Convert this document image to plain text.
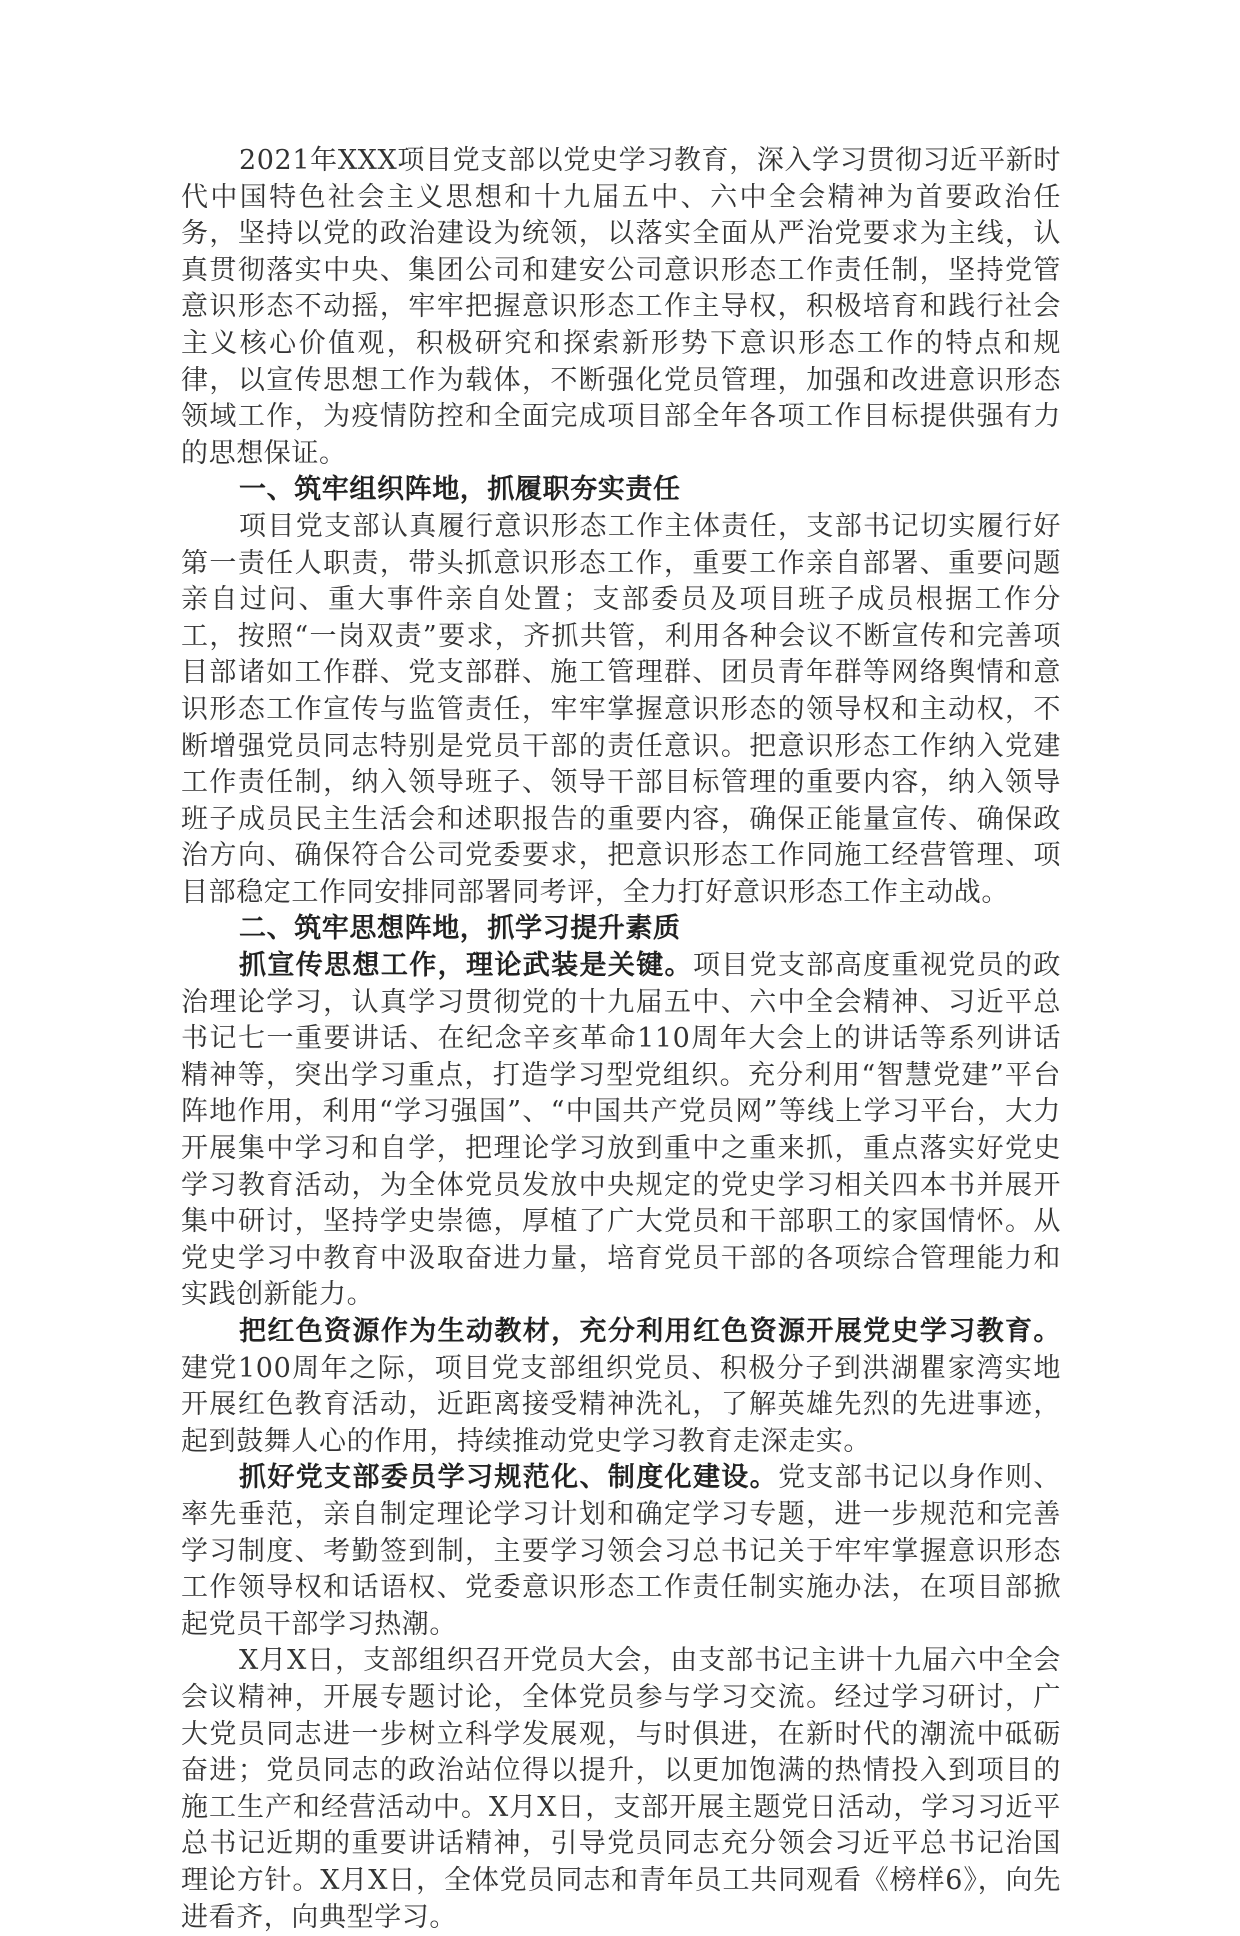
2021年XXX项目党支部以党史学习教育，深入学习贯彻习近平新时代中国特色社会主义思想和十九届五中、六中全会精神为首要政治任务，坚持以党的政治建设为统领，以落实全面从严治党要求为主线，认真贯彻落实中央、集团公司和建安公司意识形态工作责任制，坚持党管意识形态不动摇，牢牢把握意识形态工作主导权，积极培育和践行社会主义核心价值观，积极研究和探索新形势下意识形态工作的特点和规律，以宣传思想工作为载体，不断强化党员管理，加强和改进意识形态领域工作，为疫情防控和全面完成项目部全年各项工作目标提供强有力的思想保证。

一、筑牢组织阵地，抓履职夯实责任

项目党支部认真履行意识形态工作主体责任，支部书记切实履行好第一责任人职责，带头抓意识形态工作，重要工作亲自部署、重要问题亲自过问、重大事件亲自处置；支部委员及项目班子成员根据工作分工，按照“一岗双责”要求，齐抓共管，利用各种会议不断宣传和完善项目部诸如工作群、党支部群、施工管理群、团员青年群等网络舆情和意识形态工作宣传与监管责任，牢牢掌握意识形态的领导权和主动权，不断增强党员同志特别是党员干部的责任意识。把意识形态工作纳入党建工作责任制，纳入领导班子、领导干部目标管理的重要内容，纳入领导班子成员民主生活会和述职报告的重要内容，确保正能量宣传、确保政治方向、确保符合公司党委要求，把意识形态工作同施工经营管理、项目部稳定工作同安排同部署同考评，全力打好意识形态工作主动战。

二、筑牢思想阵地，抓学习提升素质

抓宣传思想工作，理论武装是关键。项目党支部高度重视党员的政治理论学习，认真学习贯彻党的十九届五中、六中全会精神、习近平总书记七一重要讲话、在纪念辛亥革命110周年大会上的讲话等系列讲话精神等，突出学习重点，打造学习型党组织。充分利用“智慧党建”平台阵地作用，利用“学习强国”、“中国共产党员网”等线上学习平台，大力开展集中学习和自学，把理论学习放到重中之重来抓，重点落实好党史学习教育活动，为全体党员发放中央规定的党史学习相关四本书并展开集中研讨，坚持学史崇德，厚植了广大党员和干部职工的家国情怀。从党史学习中教育中汲取奋进力量，培育党员干部的各项综合管理能力和实践创新能力。

把红色资源作为生动教材，充分利用红色资源开展党史学习教育。建党100周年之际，项目党支部组织党员、积极分子到洪湖瞿家湾实地开展红色教育活动，近距离接受精神洗礼，了解英雄先烈的先进事迹，起到鼓舞人心的作用，持续推动党史学习教育走深走实。

抓好党支部委员学习规范化、制度化建设。党支部书记以身作则、率先垂范，亲自制定理论学习计划和确定学习专题，进一步规范和完善学习制度、考勤签到制，主要学习领会习总书记关于牢牢掌握意识形态工作领导权和话语权、党委意识形态工作责任制实施办法，在项目部掀起党员干部学习热潮。

X月X日，支部组织召开党员大会，由支部书记主讲十九届六中全会会议精神，开展专题讨论，全体党员参与学习交流。经过学习研讨，广大党员同志进一步树立科学发展观，与时俱进，在新时代的潮流中砥砺奋进；党员同志的政治站位得以提升，以更加饱满的热情投入到项目的施工生产和经营活动中。X月X日，支部开展主题党日活动，学习习近平总书记近期的重要讲话精神，引导党员同志充分领会习近平总书记治国理论方针。X月X日，全体党员同志和青年员工共同观看《榜样6》，向先进看齐，向典型学习。
